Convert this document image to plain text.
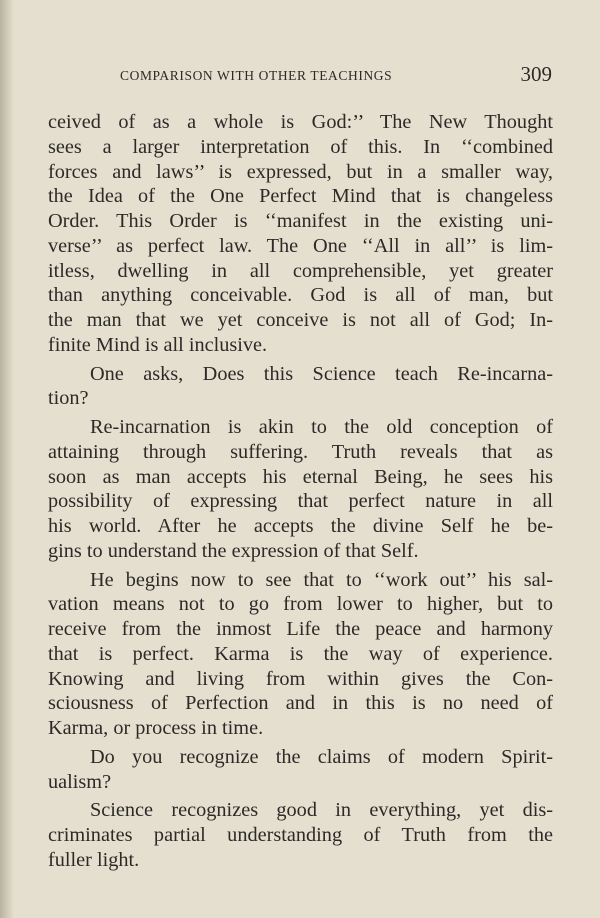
COMPARISON WITH OTHER TEACHINGS	309
ceived of as a whole is God:’’ The New Thought
sees a larger interpretation of this. In ‘‘combined
forces and laws’’ is expressed, but in a smaller way,
the Idea of the One Perfect Mind that is changeless
Order. This Order is ‘‘manifest in the existing uni-
verse’’ as perfect law. The One ‘‘All in all’’ is lim-
itless, dwelling in all comprehensible, yet greater
than anything conceivable. God is all of man, but
the man that we yet conceive is not all of God; In-
finite Mind is all inclusive.
One asks, Does this Science teach Re-incarna-
tion?
Re-incarnation is akin to the old conception of
attaining through suffering. Truth reveals that as
soon as man accepts his eternal Being, he sees his
possibility of expressing that perfect nature in all
his world. After he accepts the divine Self he be-
gins to understand the expression of that Self.
He begins now to see that to ‘‘work out’’ his sal-
vation means not to go from lower to higher, but to
receive from the inmost Life the peace and harmony
that is perfect. Karma is the way of experience.
Knowing and living from within gives the Con-
sciousness of Perfection and in this is no need of
Karma, or process in time.
Do you recognize the claims of modern Spirit-
ualism?
Science recognizes good in everything, yet dis-
criminates partial understanding of Truth from the
fuller light.
